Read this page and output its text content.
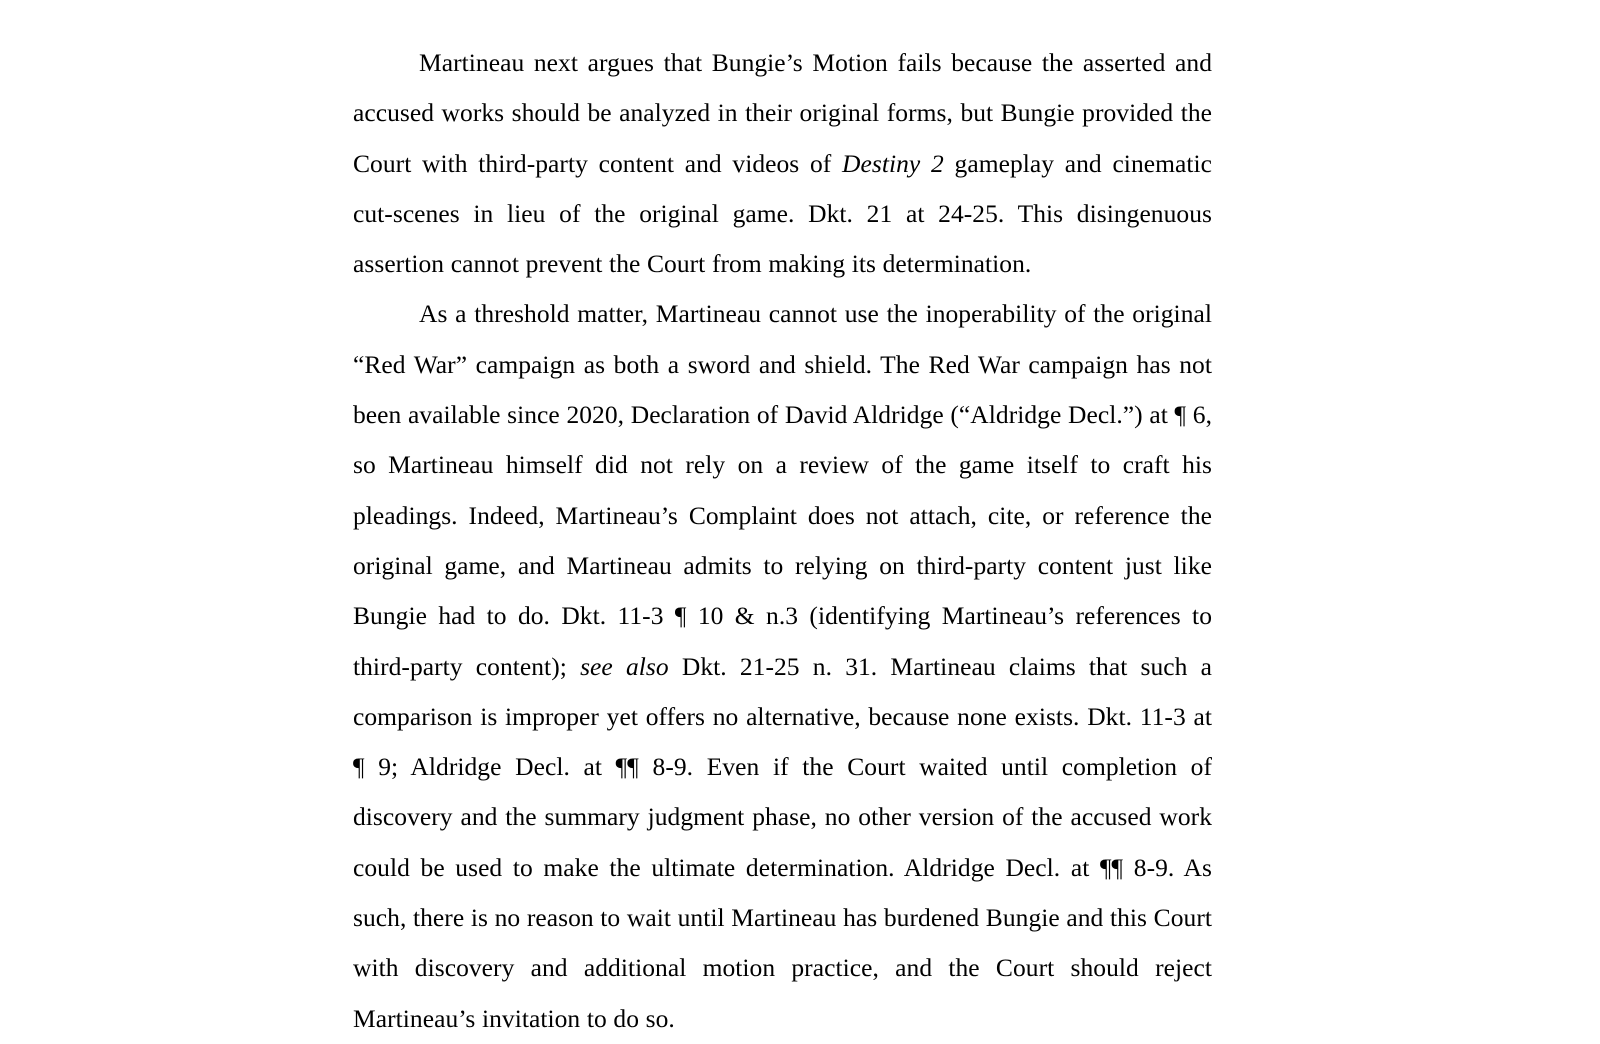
Martineau next argues that Bungie’s Motion fails because the asserted and accused works should be analyzed in their original forms, but Bungie provided the Court with third-party content and videos of Destiny 2 gameplay and cinematic cut-scenes in lieu of the original game. Dkt. 21 at 24-25. This disingenuous assertion cannot prevent the Court from making its determination.

As a threshold matter, Martineau cannot use the inoperability of the original “Red War” campaign as both a sword and shield. The Red War campaign has not been available since 2020, Declaration of David Aldridge (“Aldridge Decl.”) at ¶ 6, so Martineau himself did not rely on a review of the game itself to craft his pleadings. Indeed, Martineau’s Complaint does not attach, cite, or reference the original game, and Martineau admits to relying on third-party content just like Bungie had to do. Dkt. 11-3 ¶ 10 & n.3 (identifying Martineau’s references to third-party content); see also Dkt. 21-25 n. 31. Martineau claims that such a comparison is improper yet offers no alternative, because none exists. Dkt. 11-3 at ¶ 9; Aldridge Decl. at ¶¶ 8-9. Even if the Court waited until completion of discovery and the summary judgment phase, no other version of the accused work could be used to make the ultimate determination. Aldridge Decl. at ¶¶ 8-9. As such, there is no reason to wait until Martineau has burdened Bungie and this Court with discovery and additional motion practice, and the Court should reject Martineau’s invitation to do so.
